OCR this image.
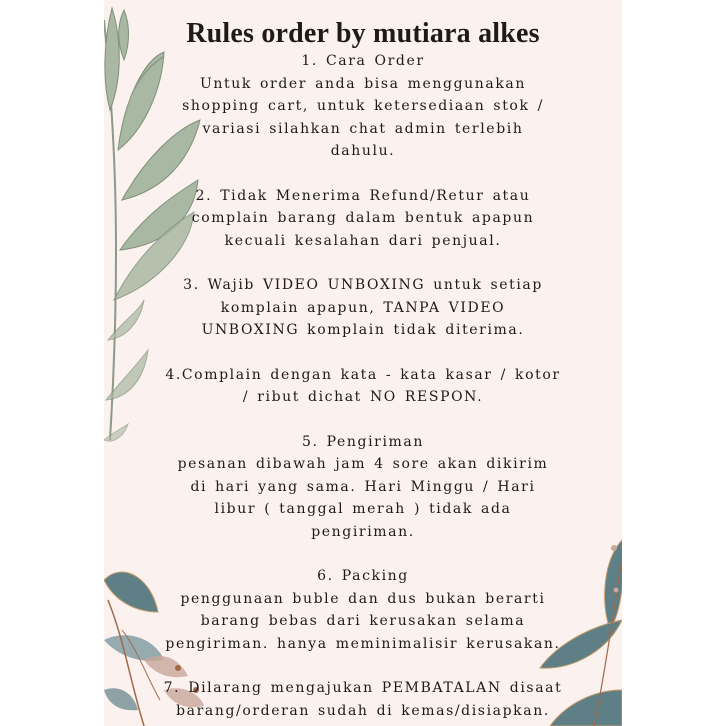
Rules order by mutiara alkes
1. Cara Order
Untuk order anda bisa menggunakan
shopping cart, untuk ketersediaan stok /
variasi silahkan chat admin terlebih
dahulu.
2. Tidak Menerima Refund/Retur atau
complain barang dalam bentuk apapun
kecuali kesalahan dari penjual.
3. Wajib VIDEO UNBOXING untuk setiap
komplain apapun, TANPA VIDEO
UNBOXING komplain tidak diterima.
4.Complain dengan kata - kata kasar / kotor
/ ribut dichat NO RESPON.
5. Pengiriman
pesanan dibawah jam 4 sore akan dikirim
di hari yang sama. Hari Minggu / Hari
libur ( tanggal merah ) tidak ada
pengiriman.
6. Packing
penggunaan buble dan dus bukan berarti
barang bebas dari kerusakan selama
pengiriman. hanya meminimalisir kerusakan.
7. Dilarang mengajukan PEMBATALAN disaat
barang/orderan sudah di kemas/disiapkan.
